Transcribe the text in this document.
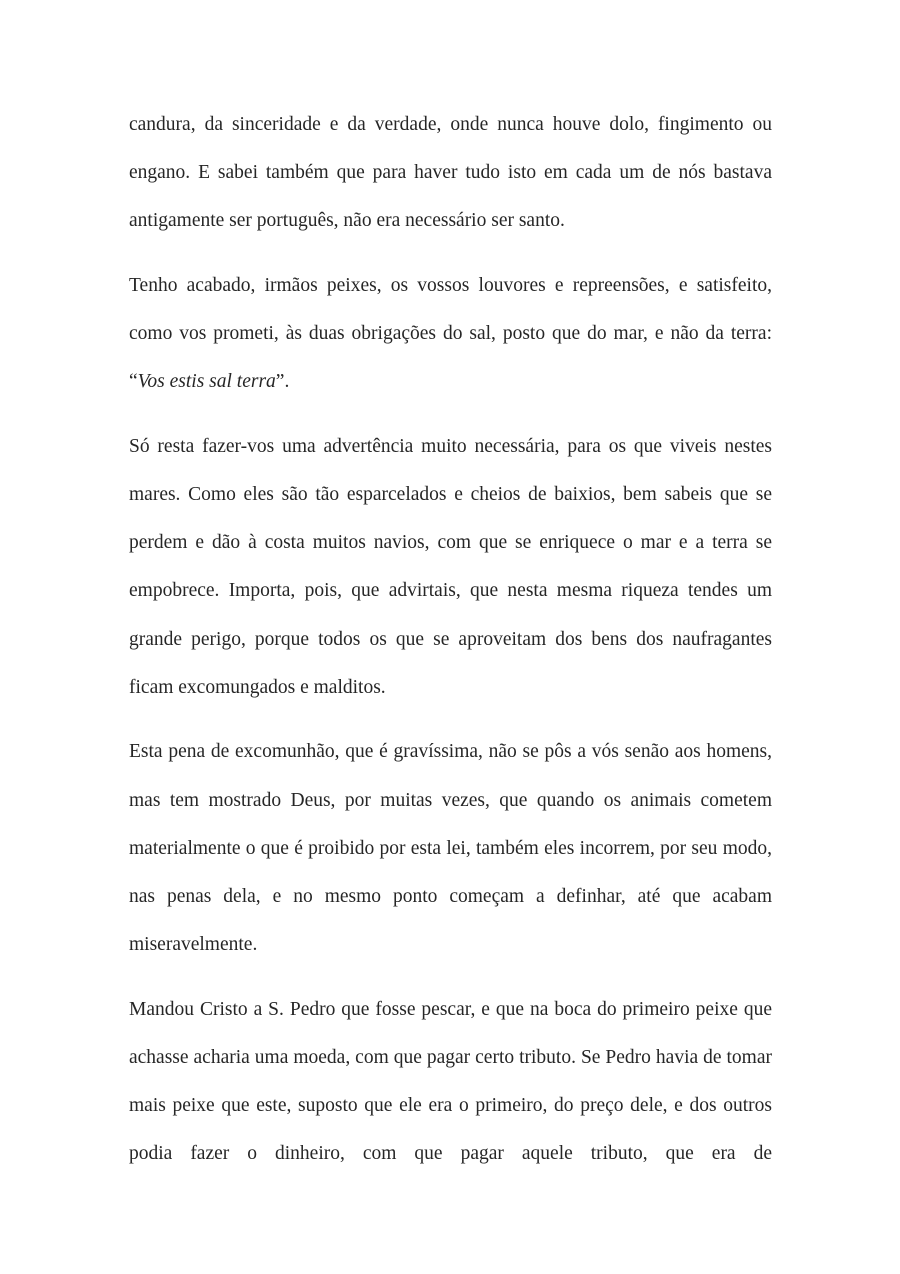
candura, da sinceridade e da verdade, onde nunca houve dolo, fingimento ou engano. E sabei também que para haver tudo isto em cada um de nós bastava antigamente ser português, não era necessário ser santo.

Tenho acabado, irmãos peixes, os vossos louvores e repreensões, e satisfeito, como vos prometi, às duas obrigações do sal, posto que do mar, e não da terra: “Vos estis sal terra”.

Só resta fazer-vos uma advertência muito necessária, para os que viveis nestes mares. Como eles são tão esparcelados e cheios de baixios, bem sabeis que se perdem e dão à costa muitos navios, com que se enriquece o mar e a terra se empobrece. Importa, pois, que advirtais, que nesta mesma riqueza tendes um grande perigo, porque todos os que se aproveitam dos bens dos naufragantes ficam excomungados e malditos.

Esta pena de excomunhão, que é gravíssima, não se pôs a vós senão aos homens, mas tem mostrado Deus, por muitas vezes, que quando os animais cometem materialmente o que é proibido por esta lei, também eles incorrem, por seu modo, nas penas dela, e no mesmo ponto começam a definhar, até que acabam miseravelmente.

Mandou Cristo a S. Pedro que fosse pescar, e que na boca do primeiro peixe que achasse acharia uma moeda, com que pagar certo tributo. Se Pedro havia de tomar mais peixe que este, suposto que ele era o primeiro, do preço dele, e dos outros podia fazer o dinheiro, com que pagar aquele tributo, que era de
